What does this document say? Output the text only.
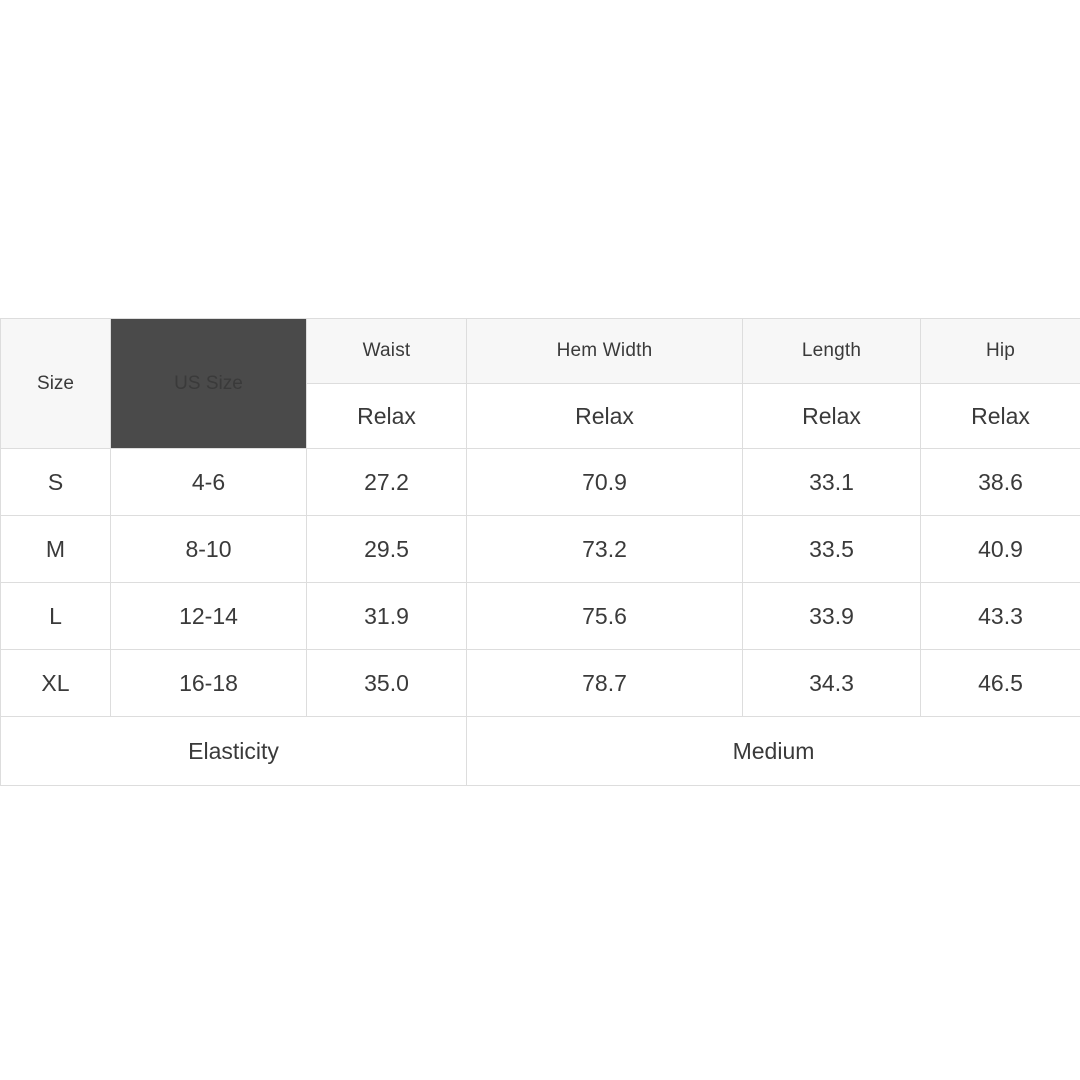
Size	US Size	Waist	Hem Width	Length	Hip
		Relax	Relax	Relax	Relax
S	4-6	27.2	70.9	33.1	38.6
M	8-10	29.5	73.2	33.5	40.9
L	12-14	31.9	75.6	33.9	43.3
XL	16-18	35.0	78.7	34.3	46.5
Elasticity			Medium		
